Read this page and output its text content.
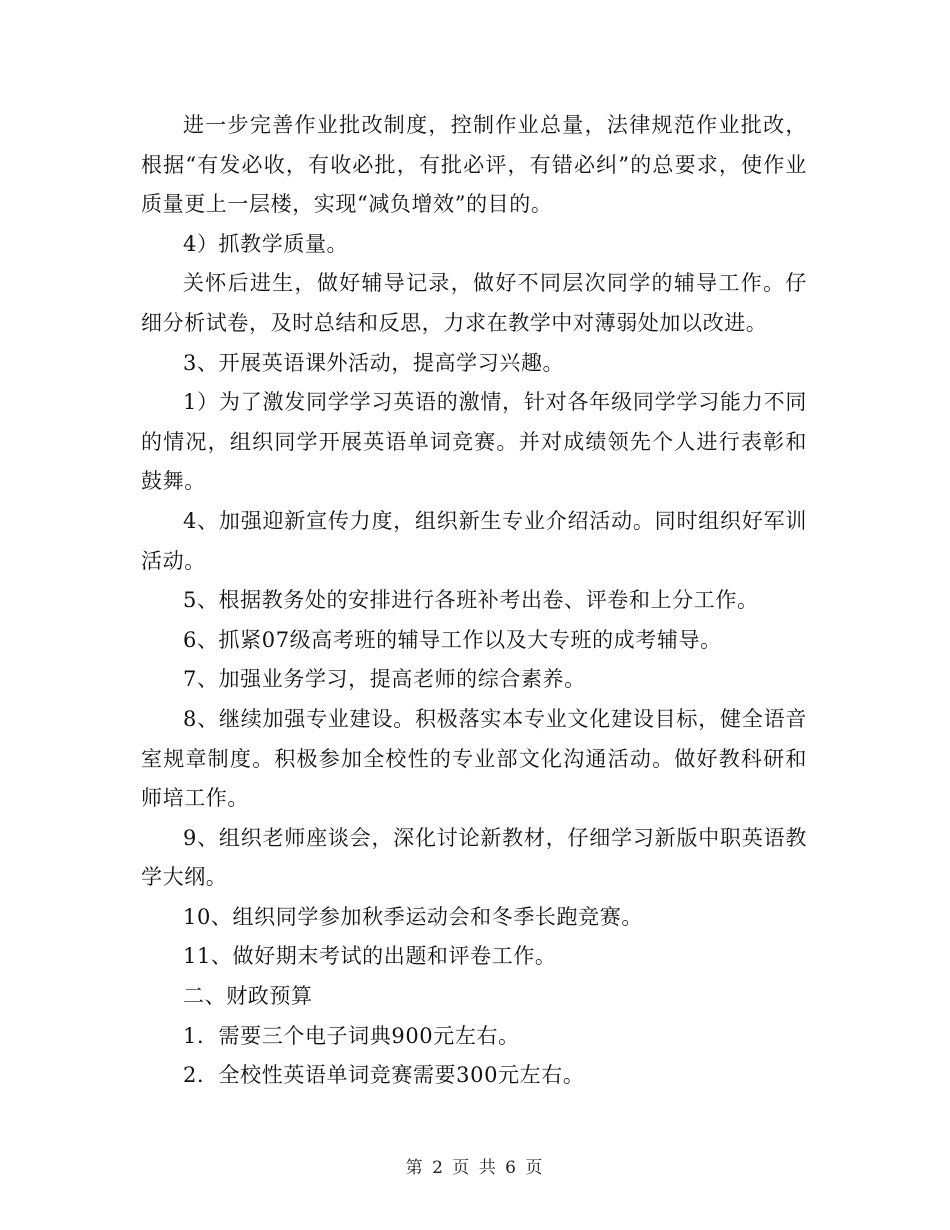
进一步完善作业批改制度，控制作业总量，法律规范作业批改，根据“有发必收，有收必批，有批必评，有错必纠”的总要求，使作业质量更上一层楼，实现“减负增效”的目的。

4）抓教学质量。

关怀后进生，做好辅导记录，做好不同层次同学的辅导工作。仔细分析试卷，及时总结和反思，力求在教学中对薄弱处加以改进。

3、开展英语课外活动，提高学习兴趣。

1）为了激发同学学习英语的激情，针对各年级同学学习能力不同的情况，组织同学开展英语单词竞赛。并对成绩领先个人进行表彰和鼓舞。

4、加强迎新宣传力度，组织新生专业介绍活动。同时组织好军训活动。

5、根据教务处的安排进行各班补考出卷、评卷和上分工作。

6、抓紧07级高考班的辅导工作以及大专班的成考辅导。

7、加强业务学习，提高老师的综合素养。

8、继续加强专业建设。积极落实本专业文化建设目标，健全语音室规章制度。积极参加全校性的专业部文化沟通活动。做好教科研和师培工作。

9、组织老师座谈会，深化讨论新教材，仔细学习新版中职英语教学大纲。

10、组织同学参加秋季运动会和冬季长跑竞赛。

11、做好期末考试的出题和评卷工作。

二、财政预算

1．需要三个电子词典900元左右。

2．全校性英语单词竞赛需要300元左右。

第 2 页 共 6 页
